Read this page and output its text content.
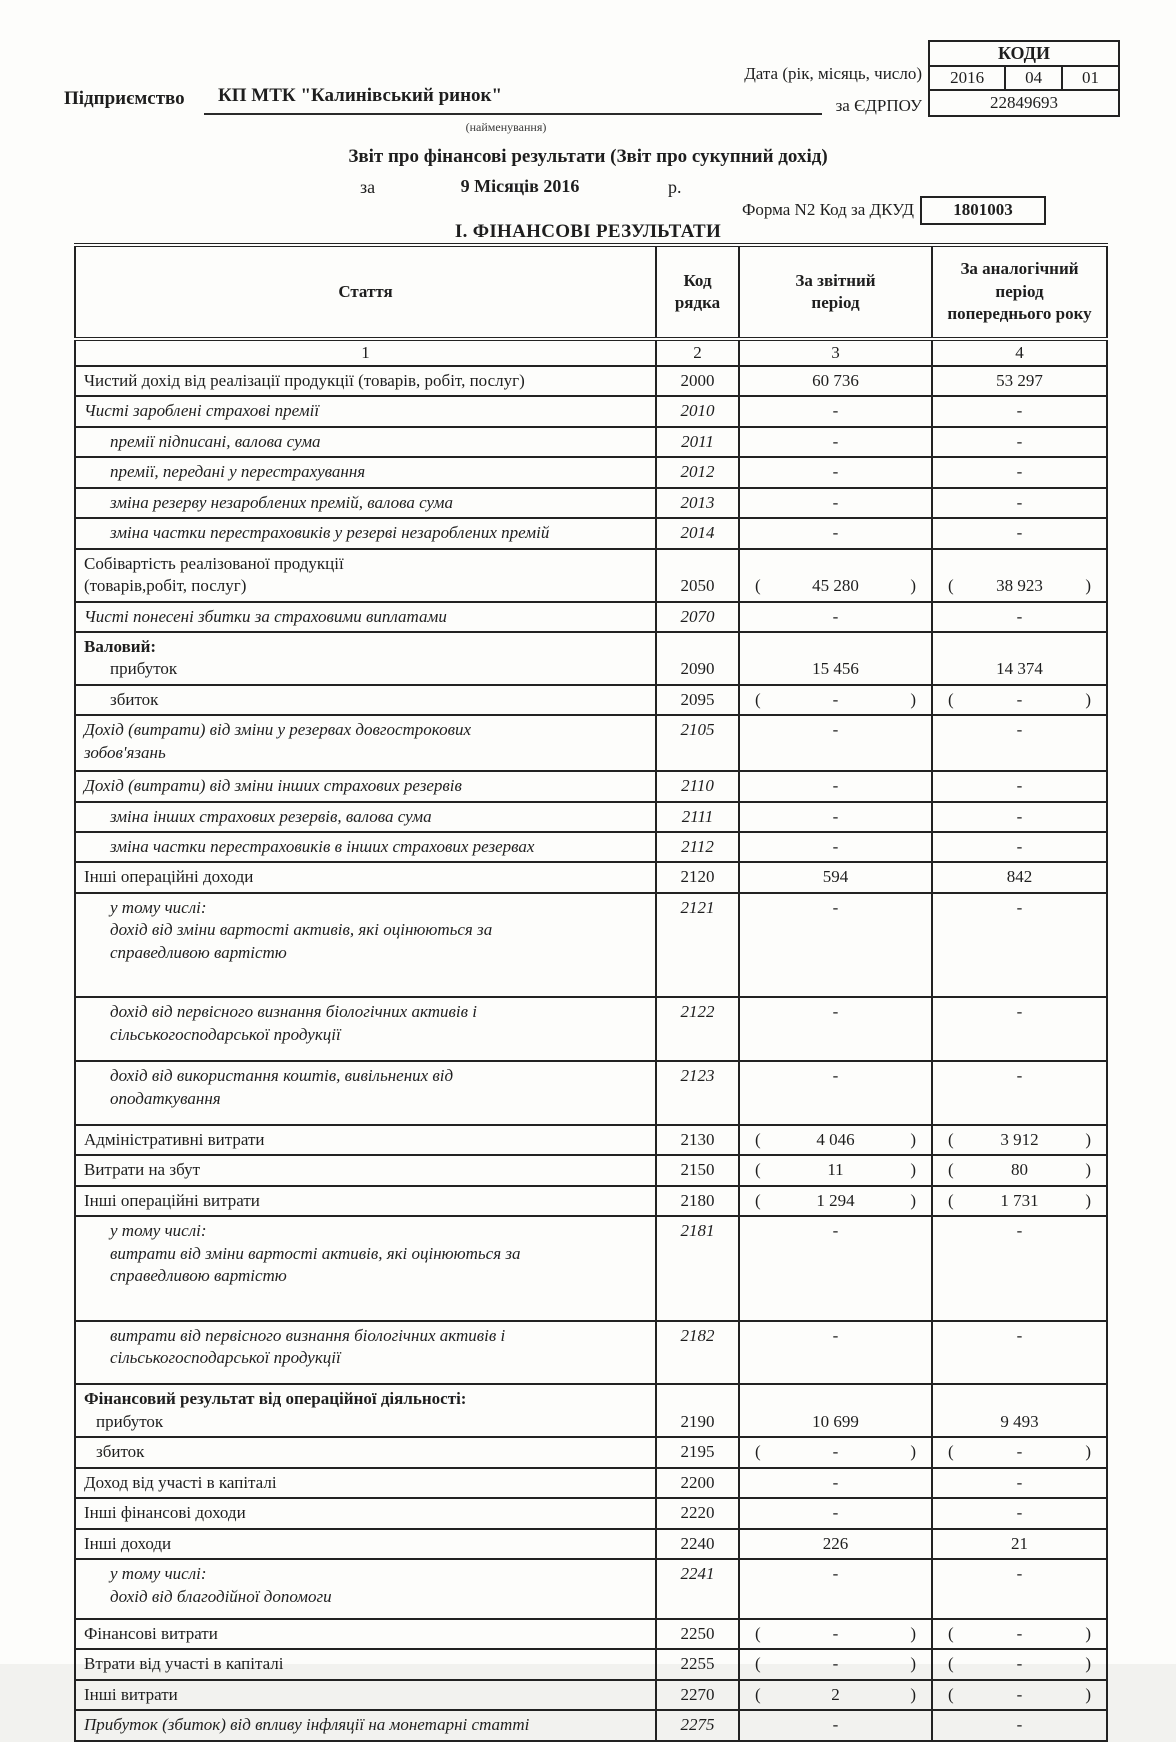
КОДИ
2016	04	01
22849693
Дата (рік, місяць, число)
за ЄДРПОУ
Підприємство	КП МТК "Калинівський ринок"
(найменування)
Звіт про фінансові результати (Звіт про сукупний дохід)
за	9 Місяців 2016	р.
Форма N2 Код за ДКУД	1801003
І. ФІНАНСОВІ РЕЗУЛЬТАТИ
Стаття	Код рядка	За звітний період	За аналогічний період попереднього року

1	2	3	4

Чистий дохід від реалізації продукції (товарів, робіт, послуг)	2000	60 736	53 297

Чисті зароблені страхові премії	2010	-	-

премії підписані, валова сума	2011	-	-

премії, передані у перестрахування	2012	-	-

зміна резерву незароблених премій, валова сума	2013	-	-

зміна частки перестраховиків у резерві незароблених премій	2014	-	-

Собівартість реалізованої продукції
(товарів,робіт, послуг)	2050	(	45 280	)	(	38 923	)

Чисті понесені збитки за страховими виплатами	2070	-	-

Валовий:
прибуток	2090	15 456	14 374

збиток	2095	( - )	( - )

Дохід (витрати) від зміни у резервах довгострокових
зобов'язань	2105	-	-

Дохід (витрати) від зміни інших страхових резервів	2110	-	-

зміна інших страхових резервів, валова сума	2111	-	-

зміна частки перестраховиків в інших страхових резервах	2112	-	-

Інші операційні доходи	2120	594	842

у тому числі:
дохід від зміни вартості активів, які оцінюються за
справедливою вартістю	2121	-	-

дохід від первісного визнання біологічних активів і
сільськогосподарської продукції	2122	-	-

дохід від використання коштів, вивільнених від
оподаткування	2123	-	-

Адміністративні витрати	2130	( 4 046 )	( 3 912 )

Витрати на збут	2150	( 11 )	( 80 )

Інші операційні витрати	2180	( 1 294 )	( 1 731 )

у тому числі:
витрати від зміни вартості активів, які оцінюються за
справедливою вартістю	2181	-	-

витрати від первісного визнання біологічних активів і
сільськогосподарської продукції	2182	-	-

Фінансовий результат від операційної діяльності:
прибуток	2190	10 699	9 493

збиток	2195	( - )	( - )

Доход від участі в капіталі	2200	-	-

Інші фінансові доходи	2220	-	-

Інші доходи	2240	226	21

у тому числі:
дохід від благодійної допомоги	2241	-	-

Фінансові витрати	2250	( - )	( - )

Втрати від участі в капіталі	2255	( - )	( - )

Інші витрати	2270	( 2 )	( - )

Прибуток (збиток) від впливу інфляції на монетарні статті	2275	-	-
